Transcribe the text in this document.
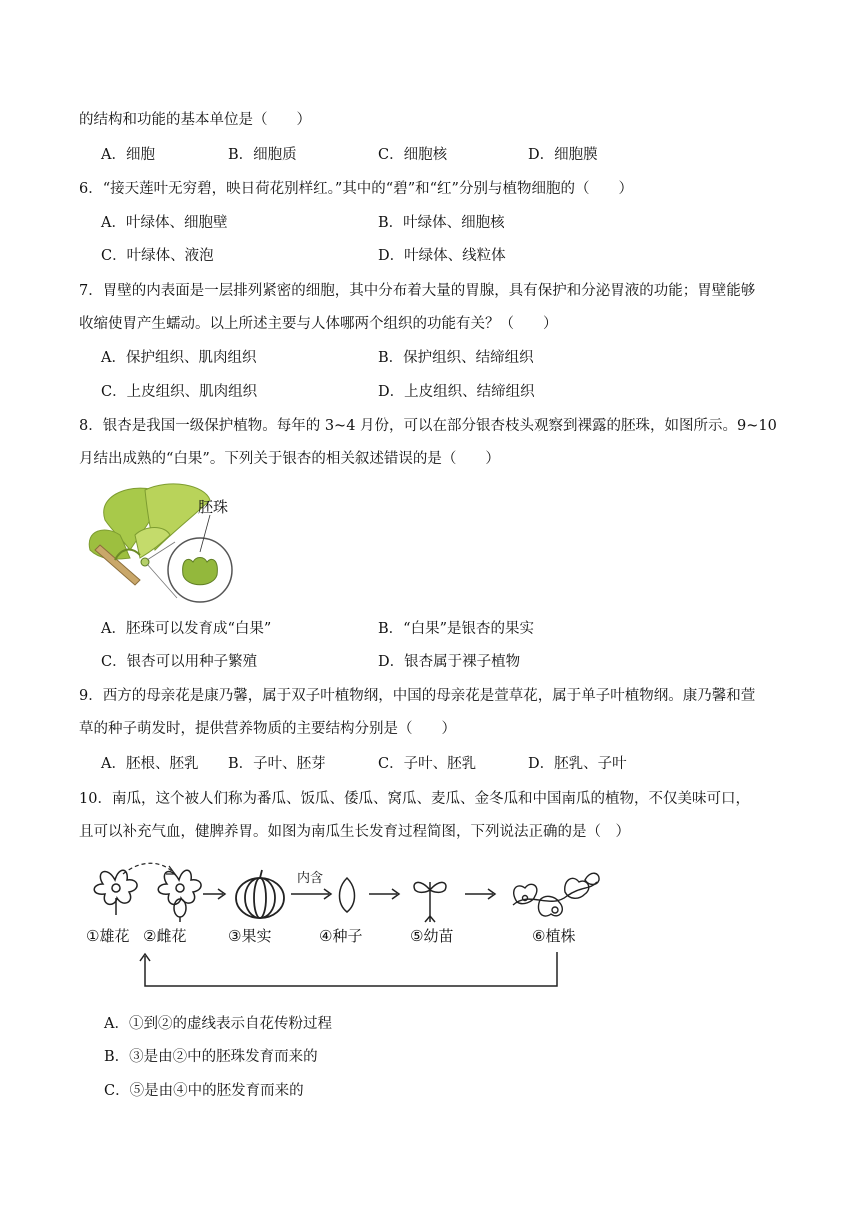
的结构和功能的基本单位是（　　）
A．细胞	B．细胞质	C．细胞核	D．细胞膜
6．“接天莲叶无穷碧，映日荷花别样红。”其中的“碧”和“红”分别与植物细胞的（　　）
A．叶绿体、细胞壁	B．叶绿体、细胞核
C．叶绿体、液泡	D．叶绿体、线粒体
7．胃壁的内表面是一层排列紧密的细胞，其中分布着大量的胃腺，具有保护和分泌胃液的功能；胃壁能够
收缩使胃产生蠕动。以上所述主要与人体哪两个组织的功能有关？（　　）
A．保护组织、肌肉组织	B．保护组织、结缔组织
C．上皮组织、肌肉组织	D．上皮组织、结缔组织
8．银杏是我国一级保护植物。每年的 3~4 月份，可以在部分银杏枝头观察到裸露的胚珠，如图所示。9~10
月结出成熟的“白果”。下列关于银杏的相关叙述错误的是（　　）
胚珠
A．胚珠可以发育成“白果”	B．“白果”是银杏的果实
C．银杏可以用种子繁殖	D．银杏属于裸子植物
9．西方的母亲花是康乃馨，属于双子叶植物纲，中国的母亲花是萱草花，属于单子叶植物纲。康乃馨和萱
草的种子萌发时，提供营养物质的主要结构分别是（　　）
A．胚根、胚乳 B．子叶、胚芽	C．子叶、胚乳	D．胚乳、子叶
10．南瓜，这个被人们称为番瓜、饭瓜、倭瓜、窝瓜、麦瓜、金冬瓜和中国南瓜的植物，不仅美味可口，
且可以补充气血，健脾养胃。如图为南瓜生长发育过程简图，下列说法正确的是（　）
内含
①雄花 ②雌花	③果实	④种子	⑤幼苗	⑥植株
A．①到②的虚线表示自花传粉过程
B．③是由②中的胚珠发育而来的
C．⑤是由④中的胚发育而来的
